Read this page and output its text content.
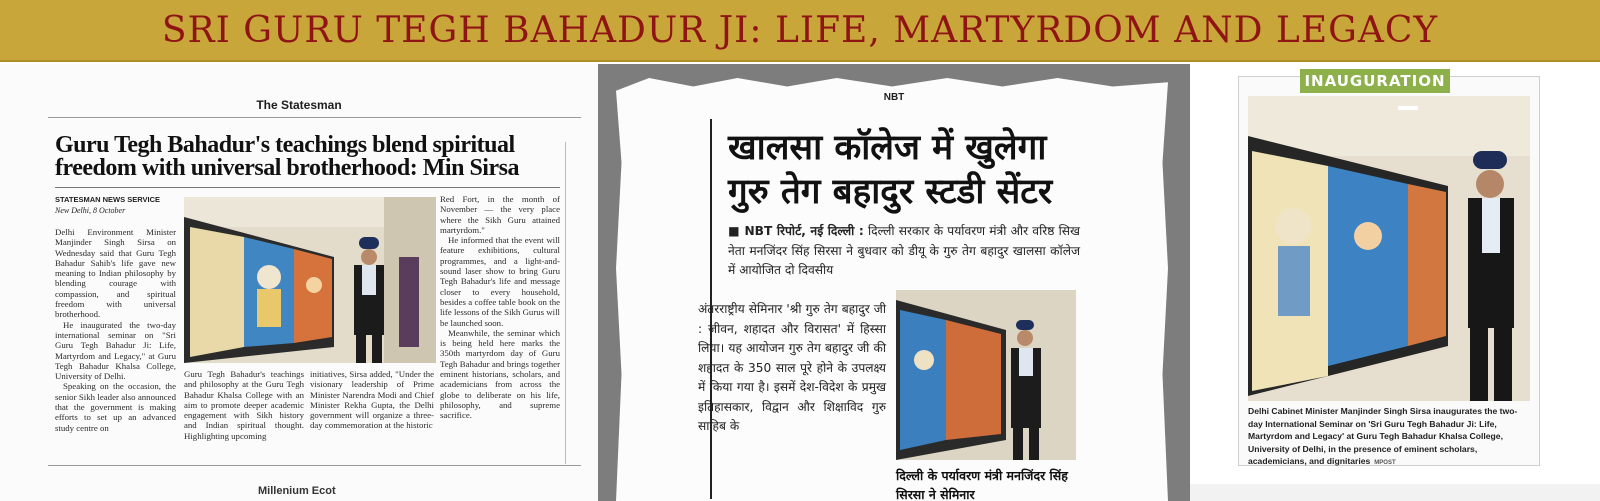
SRI GURU TEGH BAHADUR JI: LIFE, MARTYRDOM AND LEGACY
The Statesman
Guru Tegh Bahadur's teachings blend spiritual freedom with universal brotherhood: Min Sirsa
STATESMAN NEWS SERVICE
New Delhi, 8 October

Delhi Environment Minister Manjinder Singh Sirsa on Wednesday said that Guru Tegh Bahadur Sahib's life gave new meaning to Indian philosophy by blending courage with compassion, and spiritual freedom with universal brotherhood.

He inaugurated the two-day international seminar on "Sri Guru Tegh Bahadur Ji: Life, Martyrdom and Legacy," at Guru Tegh Bahadur Khalsa College, University of Delhi.

Speaking on the occasion, the senior Sikh leader also announced that the government is making efforts to set up an advanced study centre on

Guru Tegh Bahadur's teachings and philosophy at the Guru Tegh Bahadur Khalsa College with an aim to promote deeper academic engagement with Sikh history and Indian spiritual thought. Highlighting upcoming

initiatives, Sirsa added, "Under the visionary leadership of Prime Minister Narendra Modi and Chief Minister Rekha Gupta, the Delhi government will organize a three-day commemoration at the historic

Red Fort, in the month of November — the very place where the Sikh Guru attained martyrdom."

He informed that the event will feature exhibitions, cultural programmes, and a light-and-sound laser show to bring Guru Tegh Bahadur's life and message closer to every household, besides a coffee table book on the life lessons of the Sikh Gurus will be launched soon.

Meanwhile, the seminar which is being held here marks the 350th martyrdom day of Guru Tegh Bahadur and brings together eminent historians, scholars, and academicians from across the globe to deliberate on his life, philosophy, and supreme sacrifice.

Millenium Ecot
NBT
खालसा कॉलेज में खुलेगा गुरु तेग बहादुर स्टडी सेंटर
■ NBT रिपोर्ट, नई दिल्ली : दिल्ली सरकार के पर्यावरण मंत्री और वरिष्ठ सिख नेता मनजिंदर सिंह सिरसा ने बुधवार को डीयू के गुरु तेग बहादुर खालसा कॉलेज में आयोजित दो दिवसीय
अंतरराष्ट्रीय सेमिनार 'श्री गुरु तेग बहादुर जी : जीवन, शहादत और विरासत' में हिस्सा लिया। यह आयोजन गुरु तेग बहादुर जी की शहादत के 350 साल पूरे होने के उपलक्ष्य में किया गया है। इसमें देश-विदेश के प्रमुख इतिहासकार, विद्वान और शिक्षाविद गुरु साहिब के
दिल्ली के पर्यावरण मंत्री मनजिंदर सिंह सिरसा ने सेमिनार
INAUGURATION
Delhi Cabinet Minister Manjinder Singh Sirsa inaugurates the two-day International Seminar on 'Sri Guru Tegh Bahadur Ji: Life, Martyrdom and Legacy' at Guru Tegh Bahadur Khalsa College, University of Delhi, in the presence of eminent scholars, academicians, and dignitaries MPOST
